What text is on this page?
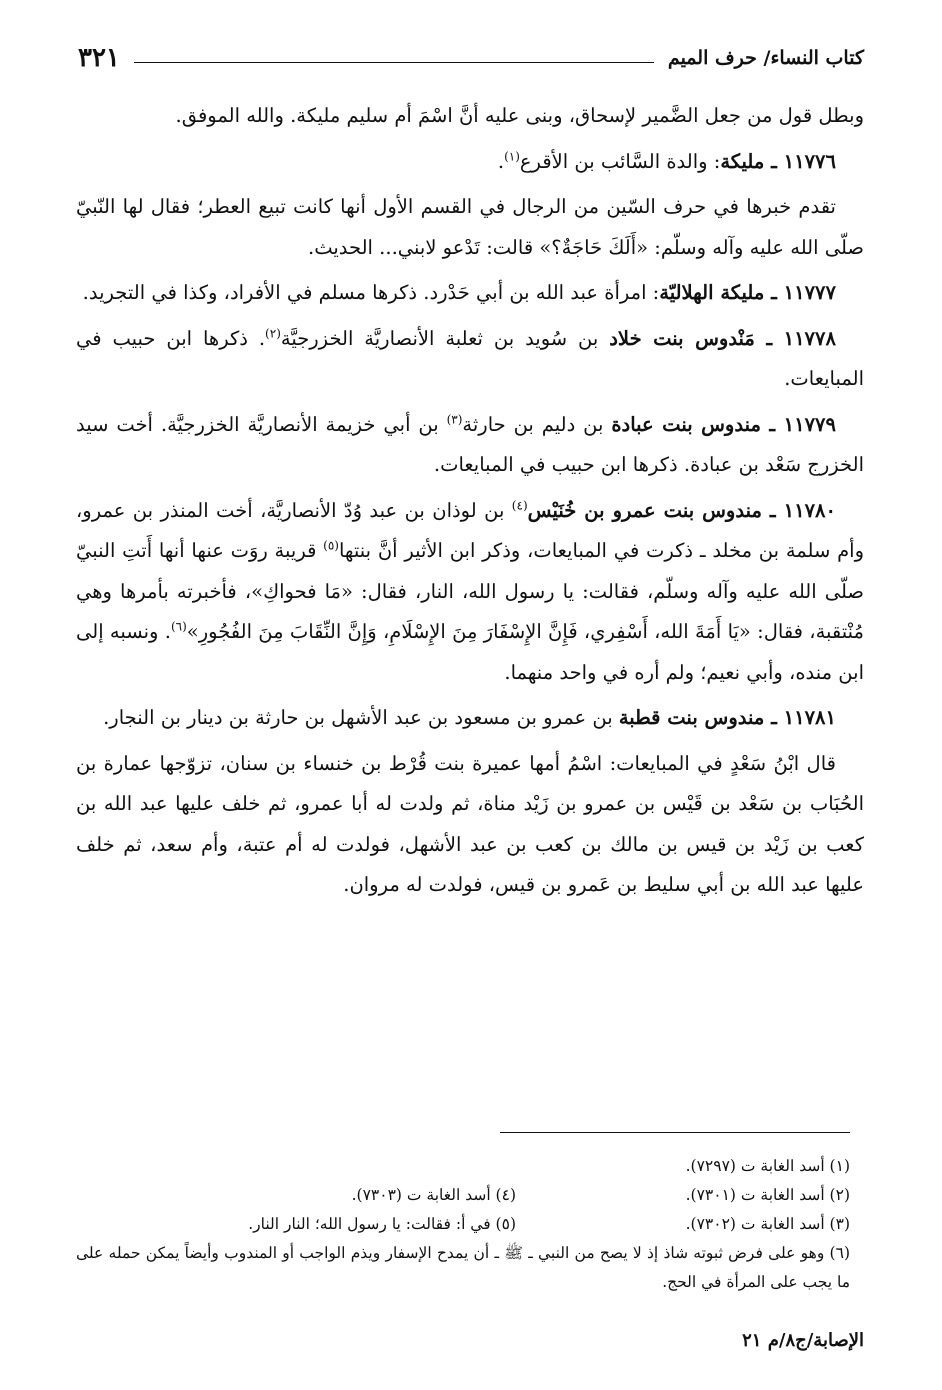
كتاب النساء/ حرف الميم
٣٢١

وبطل قول من جعل الضَّمير لإسحاق، وبنى عليه أنَّ اسْمَ أم سليم مليكة. والله الموفق.

١١٧٧٦ ـ مليكة: والدة السَّائب بن الأقرع$^{(١)}$.

تقدم خبرها في حرف السّين من الرجال في القسم الأول أنها كانت تبيع العطر؛ فقال لها النّبيّ صلّى الله عليه وآله وسلّم: «أَلَكَ حَاجَةٌ؟» قالت: تَدْعو لابني... الحديث.

١١٧٧٧ ـ مليكة الهلاليّة: امرأة عبد الله بن أبي حَدْرد. ذكرها مسلم في الأفراد، وكذا في التجريد.

١١٧٧٨ ـ مَنْدوس بنت خلاد بن سُويد بن ثعلبة الأنصاريَّة الخزرجيَّة$^{(٢)}$. ذكرها ابن حبيب في المبايعات.

١١٧٧٩ ـ مندوس بنت عبادة بن دليم بن حارثة$^{(٣)}$ بن أبي خزيمة الأنصاريَّة الخزرجيَّة. أخت سيد الخزرج سَعْد بن عبادة. ذكرها ابن حبيب في المبايعات.

١١٧٨٠ ـ مندوس بنت عمرو بن خُنَيْس$^{(٤)}$ بن لوذان بن عبد وُدّ الأنصاريَّة، أخت المنذر بن عمرو، وأم سلمة بن مخلد ـ ذكرت في المبايعات، وذكر ابن الأثير أنَّ بنتها$^{(٥)}$ قريبة روَت عنها أنها أَتتِ النبيّ صلّى الله عليه وآله وسلّم، فقالت: يا رسول الله، النار، فقال: «مَا فحواكِ»، فأخبرته بأمرها وهي مُنْتقبة، فقال: «يَا أَمَةَ الله، أَسْفِري، فَإِنَّ الإِسْفَارَ مِنَ الإِسْلَامِ، وَإِنَّ النِّقَابَ مِنَ الفُجُورِ»$^{(٦)}$. ونسبه إلى ابن منده، وأبي نعيم؛ ولم أره في واحد منهما.

١١٧٨١ ـ مندوس بنت قطبة بن عمرو بن مسعود بن عبد الأشهل بن حارثة بن دينار بن النجار.

قال ابْنُ سَعْدٍ في المبايعات: اسْمُ أمها عميرة بنت قُرْط بن خنساء بن سنان، تزوّجها عمارة بن الحُبَاب بن سَعْد بن قَيْس بن عمرو بن زَيْد مناة، ثم ولدت له أبا عمرو، ثم خلف عليها عبد الله بن كعب بن زَيْد بن قيس بن مالك بن كعب بن عبد الأشهل، فولدت له أم عتبة، وأم سعد، ثم خلف عليها عبد الله بن أبي سليط بن عَمرو بن قيس، فولدت له مروان.

(١) أسد الغابة ت (٧٢٩٧).
(٢) أسد الغابة ت (٧٣٠١).
(٤) أسد الغابة ت (٧٣٠٣).
(٣) أسد الغابة ت (٧٣٠٢).
(٥) في أ: فقالت: يا رسول الله؛ النار النار.
(٦) وهو على فرض ثبوته شاذ إذ لا يصح من النبي ـ ﷺ ـ أن يمدح الإسفار ويذم الواجب أو المندوب وأيضاً يمكن حمله على ما يجب على المرأة في الحج.
الإصابة/ج٨/م ٢١
